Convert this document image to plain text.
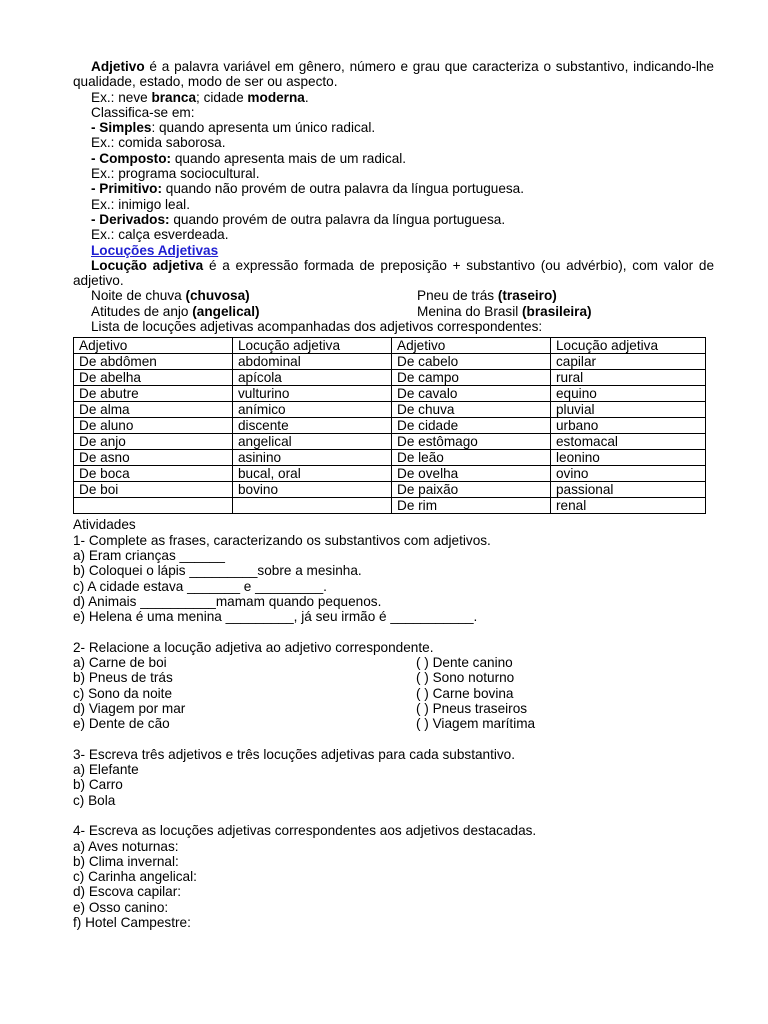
Adjetivo é a palavra variável em gênero, número e grau que caracteriza o substantivo, indicando-lhe qualidade, estado, modo de ser ou aspecto.

Ex.: neve branca; cidade moderna.

Classifica-se em:

- Simples: quando apresenta um único radical.

Ex.: comida saborosa.

- Composto: quando apresenta mais de um radical.

Ex.: programa sociocultural.

- Primitivo: quando não provém de outra palavra da língua portuguesa.

Ex.: inimigo leal.

- Derivados: quando provém de outra palavra da língua portuguesa.

Ex.: calça esverdeada.

Locuções Adjetivas

Locução adjetiva é a expressão formada de preposição + substantivo (ou advérbio), com valor de adjetivo.

Noite de chuva (chuvosa)	Pneu de trás (traseiro)
Atitudes de anjo (angelical)	Menina do Brasil (brasileira)

Lista de locuções adjetivas acompanhadas dos adjetivos correspondentes:

Adjetivo	Locução adjetiva	Adjetivo	Locução adjetiva
De abdômen	abdominal	De cabelo	capilar
De abelha	apícola	De campo	rural
De abutre	vulturino	De cavalo	equino
De alma	anímico	De chuva	pluvial
De aluno	discente	De cidade	urbano
De anjo	angelical	De estômago	estomacal
De asno	asinino	De leão	leonino
De boca	bucal, oral	De ovelha	ovino
De boi	bovino	De paixão	passional
		De rim	renal

Atividades

1- Complete as frases, caracterizando os substantivos com adjetivos.

a) Eram crianças ______

b) Coloquei o lápis _________sobre a mesinha.

c) A cidade estava _______ e _________.

d) Animais __________mamam quando pequenos.

e) Helena é uma menina _________, já seu irmão é ___________.

2- Relacione a locução adjetiva ao adjetivo correspondente.

a) Carne de boi	( ) Dente canino
b) Pneus de trás	( ) Sono noturno
c) Sono da noite	( ) Carne bovina
d) Viagem por mar	( ) Pneus traseiros
e) Dente de cão	( ) Viagem marítima

3- Escreva três adjetivos e três locuções adjetivas para cada substantivo.

a) Elefante

b) Carro

c) Bola

4- Escreva as locuções adjetivas correspondentes aos adjetivos destacadas.

a) Aves noturnas:

b) Clima invernal:

c) Carinha angelical:

d) Escova capilar:

e) Osso canino:

f) Hotel Campestre:
